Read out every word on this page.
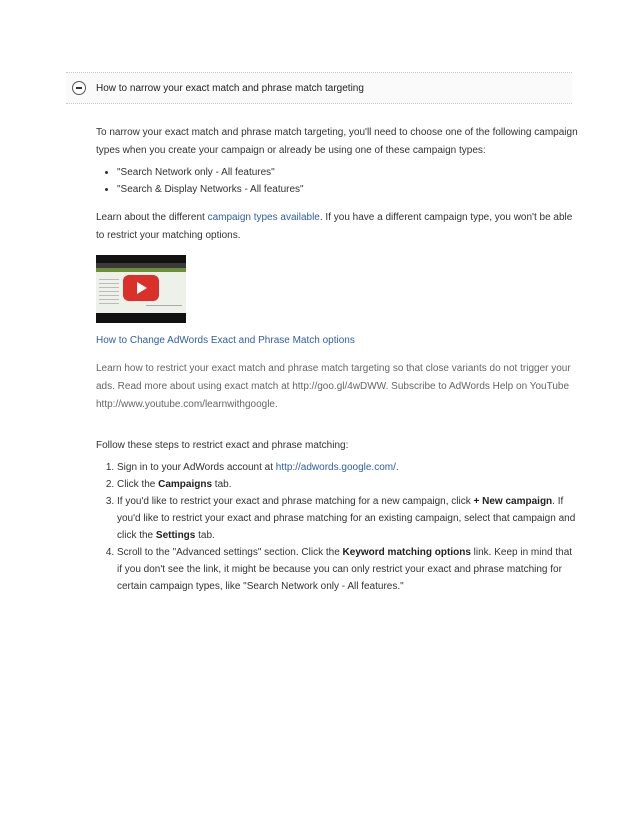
How to narrow your exact match and phrase match targeting

To narrow your exact match and phrase match targeting, you'll need to choose one of the following campaign types when you create your campaign or already be using one of these campaign types:

• "Search Network only - All features"
• "Search & Display Networks - All features"

Learn about the different campaign types available. If you have a different campaign type, you won't be able to restrict your matching options.

How to Change AdWords Exact and Phrase Match options

Learn how to restrict your exact match and phrase match targeting so that close variants do not trigger your ads. Read more about using exact match at http://goo.gl/4wDWW. Subscribe to AdWords Help on YouTube http://www.youtube.com/learnwithgoogle.

Follow these steps to restrict exact and phrase matching:

1. Sign in to your AdWords account at http://adwords.google.com/.
2. Click the Campaigns tab.
3. If you'd like to restrict your exact and phrase matching for a new campaign, click + New campaign. If you'd like to restrict your exact and phrase matching for an existing campaign, select that campaign and click the Settings tab.
4. Scroll to the "Advanced settings" section. Click the Keyword matching options link. Keep in mind that if you don't see the link, it might be because you can only restrict your exact and phrase matching for certain campaign types, like "Search Network only - All features."
